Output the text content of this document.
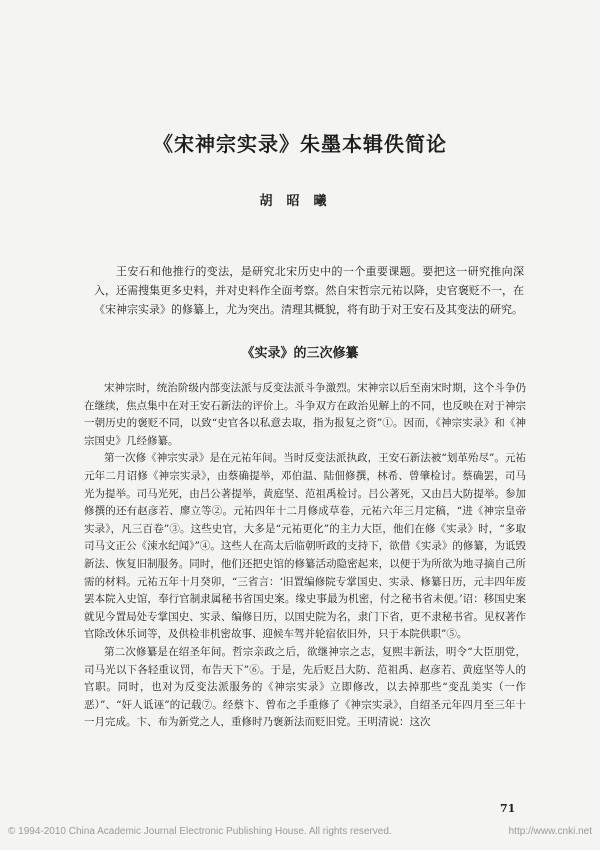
《宋神宗实录》朱墨本辑佚简论
胡昭曦

王安石和他推行的变法，是研究北宋历史中的一个重要课题。要把这一研究推向深入，还需搜集更多史料，并对史料作全面考察。然自宋哲宗元祐以降，史官褒贬不一，在《宋神宗实录》的修纂上，尤为突出。清理其概貌，将有助于对王安石及其变法的研究。

《实录》的三次修纂

宋神宗时，统治阶级内部变法派与反变法派斗争激烈。宋神宗以后至南宋时期，这个斗争仍在继续，焦点集中在对王安石新法的评价上。斗争双方在政治见解上的不同，也反映在对于神宗一朝历史的褒贬不同，以致“史官各以私意去取，指为报复之资”①。因而，《神宗实录》和《神宗国史》几经修纂。

第一次修《神宗实录》是在元祐年间。当时反变法派执政，王安石新法被“划革殆尽”。元祐元年二月诏修《神宗实录》，由蔡确提举，邓伯温、陆佃修撰，林希、曾肇检讨。蔡确罢，司马光为提举。司马光死，由吕公著提举，黄庭坚、范祖禹检讨。吕公著死，又由吕大防提举。参加修撰的还有赵彦若、廖立等②。元祐四年十二月修成草卷，元祐六年三月定稿，“进《神宗皇帝实录》，凡三百卷”③。这些史官，大多是“元祐更化”的主力大臣，他们在修《实录》时，“多取司马文正公《涑水纪闻》”④。这些人在高太后临朝听政的支持下，欲借《实录》的修纂，为诋毁新法、恢复旧制服务。同时，他们还把史馆的修纂活动隐密起来，以便于为所欲为地寻摘自己所需的材料。元祐五年十月癸卯，“三省言：‘旧置编修院专掌国史、实录、修纂日历，元丰四年废罢本院入史馆，奉行官制隶属秘书省国史案。缘史事最为机密，付之秘书省未便。’诏：移国史案就见今置局处专掌国史、实录、编修日历，以国史院为名，隶门下省，更不隶秘书省。见权著作官除改休乐词等，及供检非机密故事、迎候车驾并轮宿依旧外，只于本院供职”⑤。

第二次修纂是在绍圣年间。哲宗亲政之后，欲继神宗之志，复熙丰新法，明令“大臣朋党，司马光以下各轻重议罚，布告天下”⑥。于是，先后贬吕大防、范祖禹、赵彦若、黄庭坚等人的官职。同时，也对为反变法派服务的《神宗实录》立即修改，以去掉那些“变乱美实（一作恶）”、“奸人诋诬”的记载⑦。经蔡卞、曾布之手重修了《神宗实录》，自绍圣元年四月至三年十一月完成。卞、布为新党之人，重修时乃褒新法而贬旧党。王明清说：这次

71
© 1994-2010 China Academic Journal Electronic Publishing House. All rights reserved.	http://www.cnki.net
